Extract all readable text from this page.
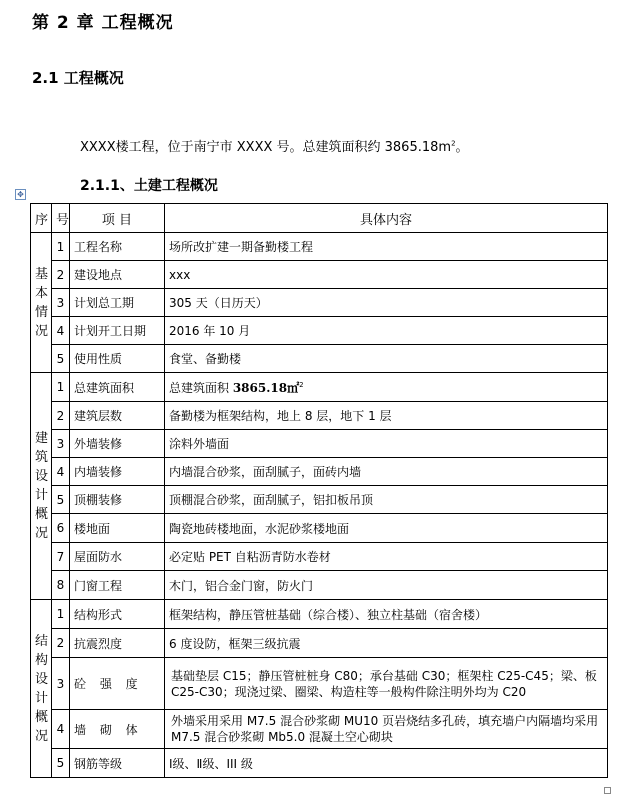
第 2 章 工程概况
2.1 工程概况
XXXX楼工程，位于南宁市 XXXX 号。总建筑面积约 $3865.18m^2$。
2.1.1、土建工程概况
✥
序	号	项 目	具体内容
基本情况	1	工程名称	场所改扩建一期备勤楼工程
	2	建设地点	xxx
	3	计划总工期	305 天（日历天）
	4	计划开工日期	2016 年 10 月
	5	使用性质	食堂、备勤楼
建筑设计概况	1	总建筑面积	总建筑面积 3865.18㎡$^2$
	2	建筑层数	备勤楼为框架结构，地上 8 层，地下 1 层
	3	外墙装修	涂料外墙面
	4	内墙装修	内墙混合砂浆，面刮腻子，面砖内墙
	5	顶棚装修	顶棚混合砂浆，面刮腻子，铝扣板吊顶
	6	楼地面	陶瓷地砖楼地面，水泥砂浆楼地面
	7	屋面防水	必定贴 PET 自粘沥青防水卷材
	8	门窗工程	木门，铝合金门窗，防火门
结构设计概况	1	结构形式	框架结构，静压管桩基础（综合楼）、独立柱基础（宿舍楼）
	2	抗震烈度	6 度设防，框架三级抗震
	3	砼 强 度	基础垫层 C15；静压管桩桩身 C80；承台基础 C30；框架柱 C25-C45；梁、板 C25-C30；现浇过梁、圈梁、构造柱等一般构件除注明外均为 C20
	4	墙 砌 体	外墙采用采用 M7.5 混合砂浆砌 MU10 页岩烧结多孔砖，填充墙户内隔墙均采用 M7.5 混合砂浆砌 Mb5.0 混凝土空心砌块
	5	钢筋等级	Ⅰ级、Ⅱ级、III 级
